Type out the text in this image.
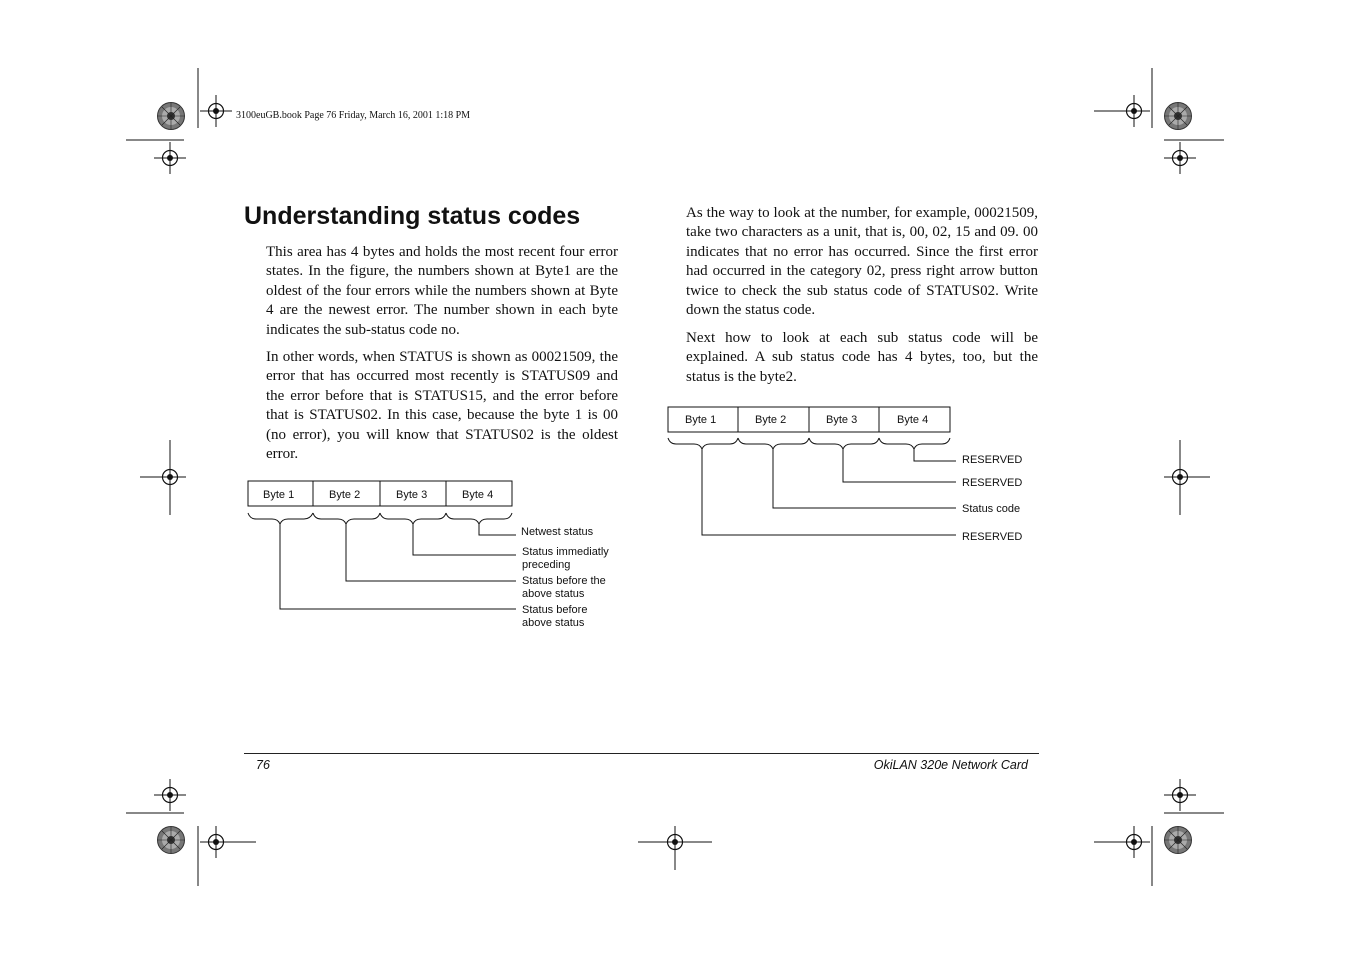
3100euGB.book Page 76 Friday, March 16, 2001 1:18 PM
Understanding status codes

This area has 4 bytes and holds the most recent four error states. In the figure, the numbers shown at Byte1 are the oldest of the four errors while the numbers shown at Byte 4 are the newest error. The number shown in each byte indicates the sub-status code no.

In other words, when STATUS is shown as 00021509, the error that has occurred most recently is STATUS09 and the error before that is STATUS15, and the error before that is STATUS02. In this case, because the byte 1 is 00 (no error), you will know that STATUS02 is the oldest error.

As the way to look at the number, for example, 00021509, take two characters as a unit, that is, 00, 02, 15 and 09. 00 indicates that no error has occurred. Since the first error had occurred in the category 02, press right arrow button twice to check the sub status code of STATUS02. Write down the status code.

Next how to look at each sub status code will be explained. A sub status code has 4 bytes, too, but the status is the byte2.

Byte 1	Byte 2	Byte 3	Byte 4
Netwest status
Status immediatly
preceding
Status before the
above status
Status before
above status
Byte 1	Byte 2	Byte 3	Byte 4
RESERVED
RESERVED
Status code
RESERVED
76	OkiLAN 320e Network Card
